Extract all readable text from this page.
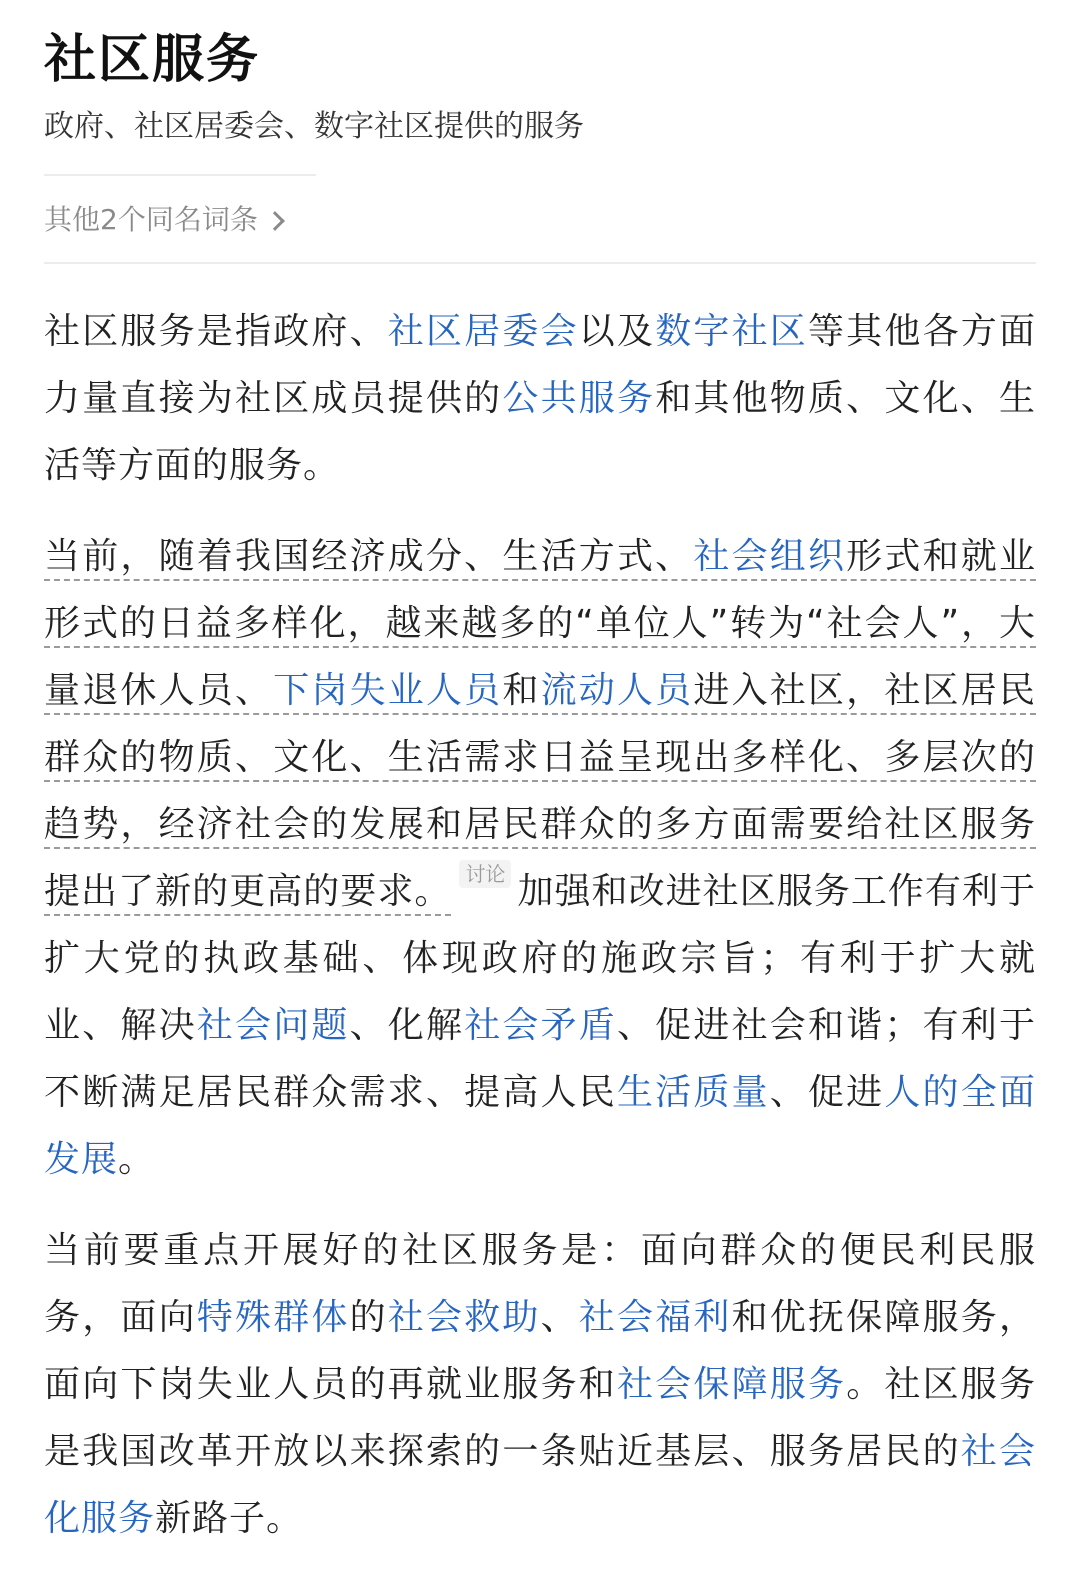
社区服务
政府、社区居委会、数字社区提供的服务
其他2个同名词条

社区服务是指政府、社区居委会以及数字社区等其他各方面力量直接为社区成员提供的公共服务和其他物质、文化、生活等方面的服务。

当前，随着我国经济成分、生活方式、社会组织形式和就业形式的日益多样化，越来越多的“单位人”转为“社会人”，大量退休人员、下岗失业人员和流动人员进入社区，社区居民群众的物质、文化、生活需求日益呈现出多样化、多层次的趋势，经济社会的发展和居民群众的多方面需要给社区服务提出了新的更高的要求。 讨论 加强和改进社区服务工作有利于扩大党的执政基础、体现政府的施政宗旨；有利于扩大就业、解决社会问题、化解社会矛盾、促进社会和谐；有利于不断满足居民群众需求、提高人民生活质量、促进人的全面发展。

当前要重点开展好的社区服务是：面向群众的便民利民服务，面向特殊群体的社会救助、社会福利和优抚保障服务，面向下岗失业人员的再就业服务和社会保障服务。社区服务是我国改革开放以来探索的一条贴近基层、服务居民的社会化服务新路子。
